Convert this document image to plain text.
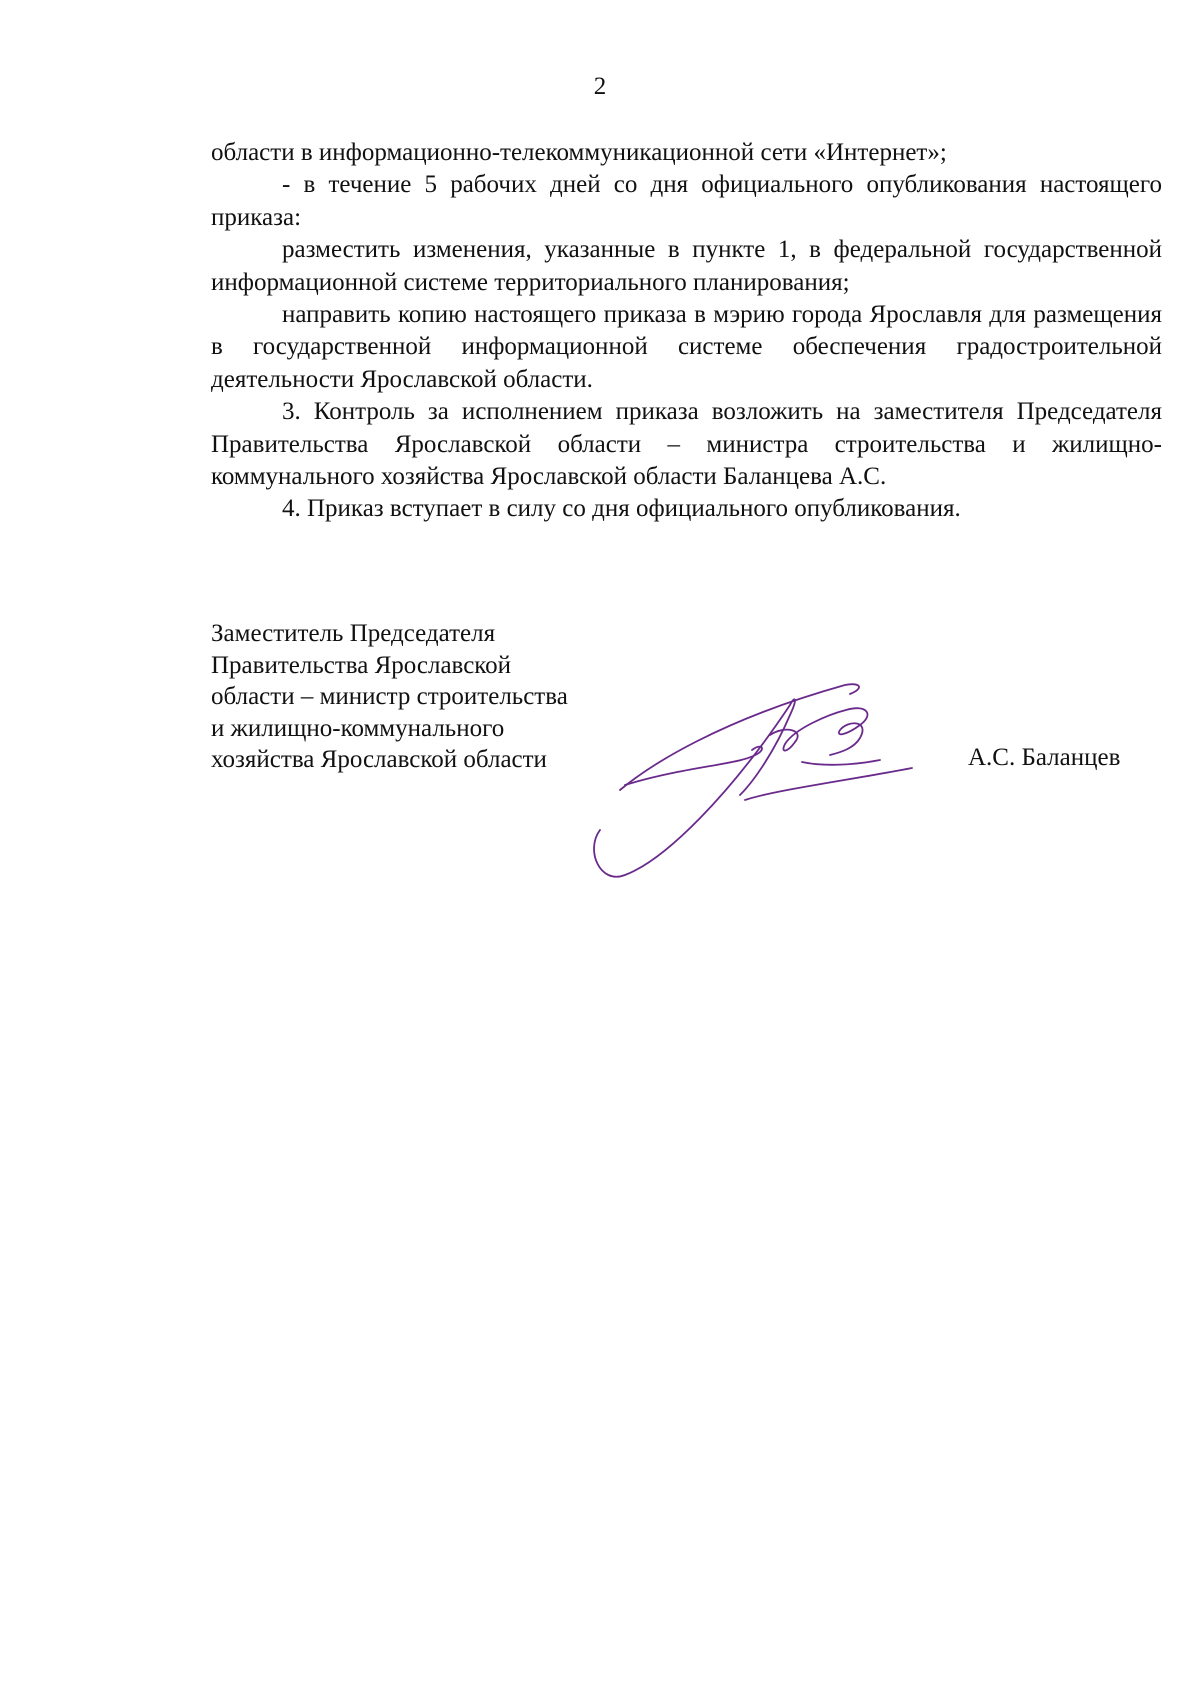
2

области в информационно-телекоммуникационной сети «Интернет»;

- в течение 5 рабочих дней со дня официального опубликования настоящего приказа:

разместить изменения, указанные в пункте 1, в федеральной государственной информационной системе территориального планирования;

направить копию настоящего приказа в мэрию города Ярославля для размещения в государственной информационной системе обеспечения градостроительной деятельности Ярославской области.

3. Контроль за исполнением приказа возложить на заместителя Председателя Правительства Ярославской области – министра строительства и жилищно-коммунального хозяйства Ярославской области Баланцева А.С.

4. Приказ вступает в силу со дня официального опубликования.

Заместитель Председателя
Правительства Ярославской
области – министр строительства
и жилищно-коммунального
хозяйства Ярославской области	А.С. Баланцев
